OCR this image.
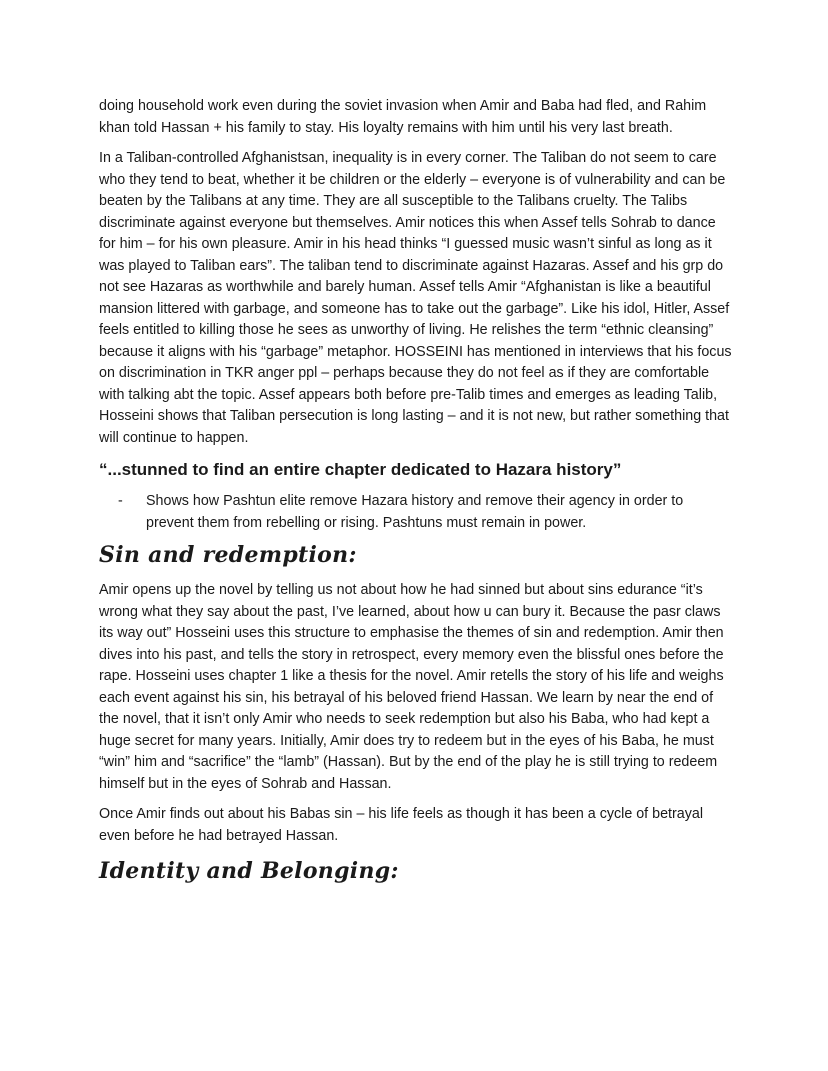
doing household work even during the soviet invasion when Amir and Baba had fled, and Rahim khan told Hassan + his family to stay. His loyalty remains with him until his very last breath.

In a Taliban-controlled Afghanistsan, inequality is in every corner. The Taliban do not seem to care who they tend to beat, whether it be children or the elderly – everyone is of vulnerability and can be beaten by the Talibans at any time. They are all susceptible to the Talibans cruelty. The Talibs discriminate against everyone but themselves. Amir notices this when Assef tells Sohrab to dance for him – for his own pleasure. Amir in his head thinks “I guessed music wasn’t sinful as long as it was played to Taliban ears”. The taliban tend to discriminate against Hazaras. Assef and his grp do not see Hazaras as worthwhile and barely human. Assef tells Amir “Afghanistan is like a beautiful mansion littered with garbage, and someone has to take out the garbage”. Like his idol, Hitler, Assef feels entitled to killing those he sees as unworthy of living. He relishes the term “ethnic cleansing” because it aligns with his “garbage” metaphor. HOSSEINI has mentioned in interviews that his focus on discrimination in TKR anger ppl – perhaps because they do not feel as if they are comfortable with talking abt the topic. Assef appears both before pre-Talib times and emerges as leading Talib, Hosseini shows that Taliban persecution is long lasting – and it is not new, but rather something that will continue to happen.

“...stunned to find an entire chapter dedicated to Hazara history”
- Shows how Pashtun elite remove Hazara history and remove their agency in order to prevent them from rebelling or rising. Pashtuns must remain in power.
Sin and redemption:

Amir opens up the novel by telling us not about how he had sinned but about sins edurance “it’s wrong what they say about the past, I’ve learned, about how u can bury it. Because the pasr claws its way out” Hosseini uses this structure to emphasise the themes of sin and redemption. Amir then dives into his past, and tells the story in retrospect, every memory even the blissful ones before the rape. Hosseini uses chapter 1 like a thesis for the novel. Amir retells the story of his life and weighs each event against his sin, his betrayal of his beloved friend Hassan. We learn by near the end of the novel, that it isn’t only Amir who needs to seek redemption but also his Baba, who had kept a huge secret for many years. Initially, Amir does try to redeem but in the eyes of his Baba, he must “win” him and “sacrifice” the “lamb” (Hassan). But by the end of the play he is still trying to redeem himself but in the eyes of Sohrab and Hassan.

Once Amir finds out about his Babas sin – his life feels as though it has been a cycle of betrayal even before he had betrayed Hassan.

Identity and Belonging:
